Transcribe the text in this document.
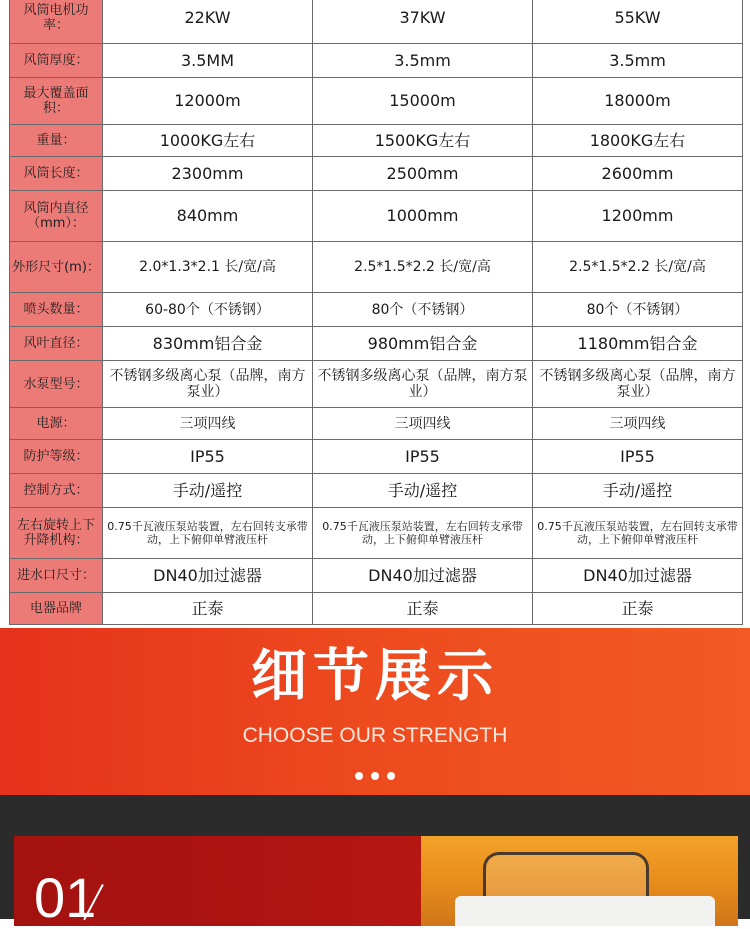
风筒电机功率：	22KW	37KW	55KW
风筒厚度：	3.5MM	3.5mm	3.5mm
最大覆盖面积：	12000m	15000m	18000m
重量：	1000KG左右	1500KG左右	1800KG左右
风筒长度：	2300mm	2500mm	2600mm
风筒内直径（mm）：	840mm	1000mm	1200mm
外形尺寸(m)：	2.0*1.3*2.1 长/宽/高	2.5*1.5*2.2 长/宽/高	2.5*1.5*2.2 长/宽/高
喷头数量：	60-80个（不锈钢）	80个（不锈钢）	80个（不锈钢）
风叶直径：	830mm铝合金	980mm铝合金	1180mm铝合金
水泵型号：	不锈钢多级离心泵（品牌，南方泵业）	不锈钢多级离心泵（品牌，南方泵业）	不锈钢多级离心泵（品牌，南方泵业）
电源：	三项四线	三项四线	三项四线
防护等级：	IP55	IP55	IP55
控制方式：	手动/遥控	手动/遥控	手动/遥控
左右旋转上下升降机构：	0.75千瓦液压泵站装置，左右回转支承带动，上下俯仰单臂液压杆	0.75千瓦液压泵站装置，左右回转支承带动，上下俯仰单臂液压杆	0.75千瓦液压泵站装置，左右回转支承带动，上下俯仰单臂液压杆
进水口尺寸：	DN40加过滤器	DN40加过滤器	DN40加过滤器
电器品牌	正泰	正泰	正泰
细节展示
CHOOSE OUR STRENGTH
01
